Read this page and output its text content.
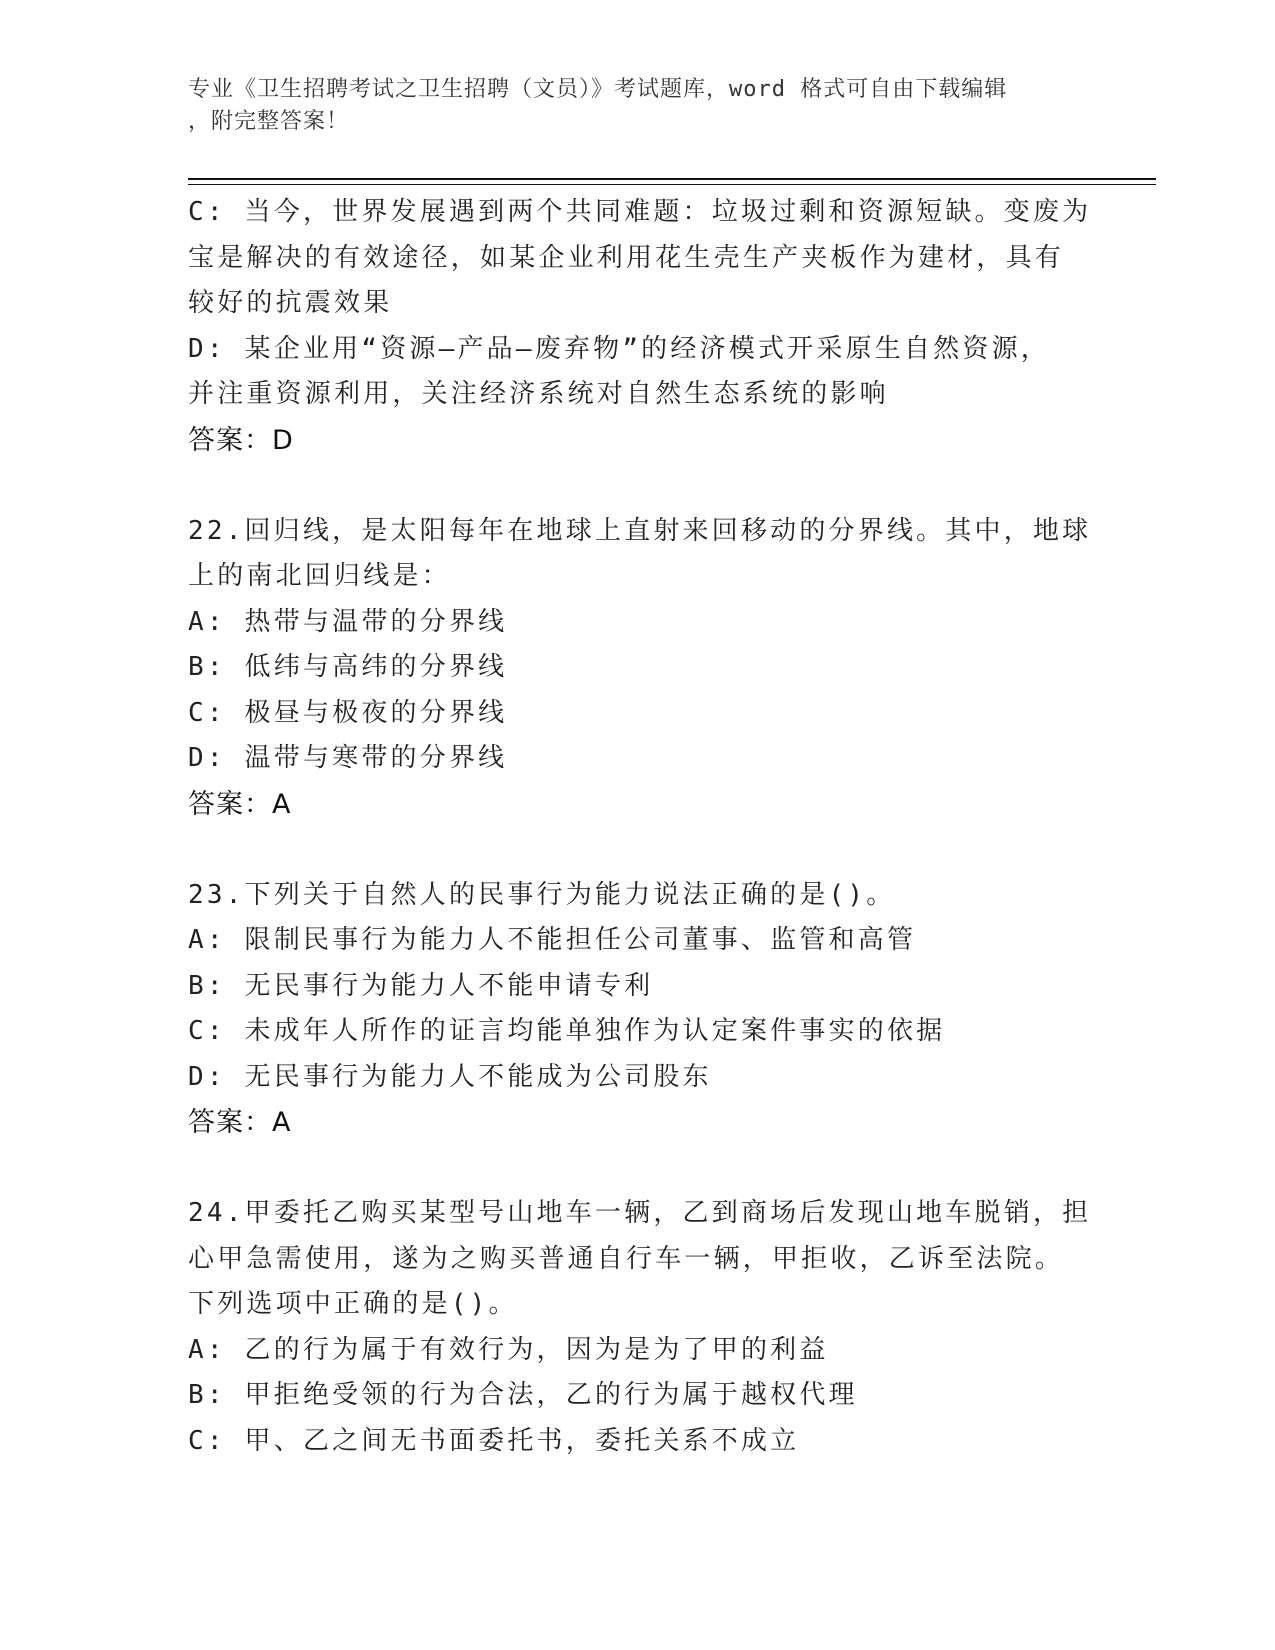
专业《卫生招聘考试之卫生招聘（文员）》考试题库，word 格式可自由下载编辑
，附完整答案！
C: 当今，世界发展遇到两个共同难题：垃圾过剩和资源短缺。变废为
宝是解决的有效途径，如某企业利用花生壳生产夹板作为建材，具有
较好的抗震效果
D: 某企业用“资源—产品—废弃物”的经济模式开采原生自然资源，
并注重资源利用，关注经济系统对自然生态系统的影响
答案：D
22.回归线，是太阳每年在地球上直射来回移动的分界线。其中，地球
上的南北回归线是：
A: 热带与温带的分界线
B: 低纬与高纬的分界线
C: 极昼与极夜的分界线
D: 温带与寒带的分界线
答案：A
23.下列关于自然人的民事行为能力说法正确的是()。
A: 限制民事行为能力人不能担任公司董事、监管和高管
B: 无民事行为能力人不能申请专利
C: 未成年人所作的证言均能单独作为认定案件事实的依据
D: 无民事行为能力人不能成为公司股东
答案：A
24.甲委托乙购买某型号山地车一辆，乙到商场后发现山地车脱销，担
心甲急需使用，遂为之购买普通自行车一辆，甲拒收，乙诉至法院。
下列选项中正确的是()。
A: 乙的行为属于有效行为，因为是为了甲的利益
B: 甲拒绝受领的行为合法，乙的行为属于越权代理
C: 甲、乙之间无书面委托书，委托关系不成立
